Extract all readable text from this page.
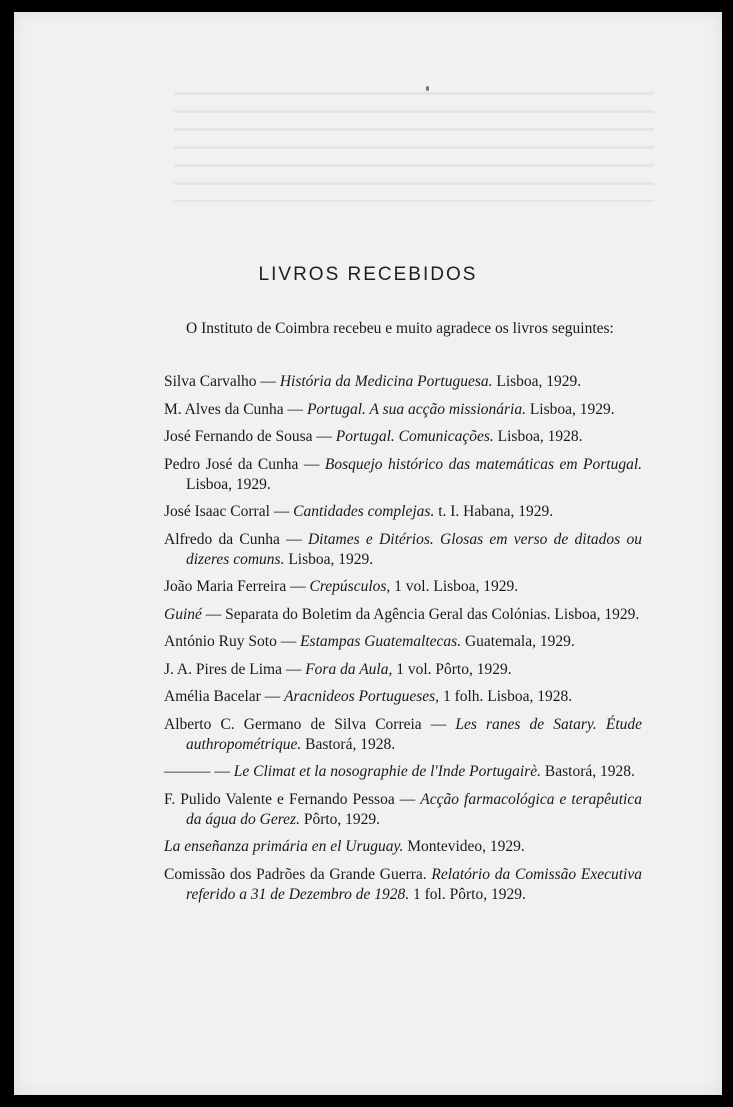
LIVROS RECEBIDOS
O Instituto de Coimbra recebeu e muito agradece os livros seguintes:

Silva Carvalho — História da Medicina Portuguesa. Lisboa, 1929.

M. Alves da Cunha — Portugal. A sua acção missionária. Lisboa, 1929.

José Fernando de Sousa — Portugal. Comunicações. Lisboa, 1928.

Pedro José da Cunha — Bosquejo histórico das matemáticas em Portugal. Lisboa, 1929.

José Isaac Corral — Cantidades complejas. t. I. Habana, 1929.

Alfredo da Cunha — Ditames e Ditérios. Glosas em verso de ditados ou dizeres comuns. Lisboa, 1929.

João Maria Ferreira — Crepúsculos, 1 vol. Lisboa, 1929.

Guiné — Separata do Boletim da Agência Geral das Colónias. Lisboa, 1929.

António Ruy Soto — Estampas Guatemaltecas. Guatemala, 1929.

J. A. Pires de Lima — Fora da Aula, 1 vol. Pôrto, 1929.

Amélia Bacelar — Aracnideos Portugueses, 1 folh. Lisboa, 1928.

Alberto C. Germano de Silva Correia — Les ranes de Satary. Étude authropométrique. Bastorá, 1928.

——— — Le Climat et la nosographie de l'Inde Portugairè. Bastorá, 1928.

F. Pulido Valente e Fernando Pessoa — Acção farmacológica e terapêutica da água do Gerez. Pôrto, 1929.

La enseñanza primária en el Uruguay. Montevideo, 1929.

Comissão dos Padrões da Grande Guerra. Relatório da Comissão Executiva referido a 31 de Dezembro de 1928. 1 fol. Pôrto, 1929.
